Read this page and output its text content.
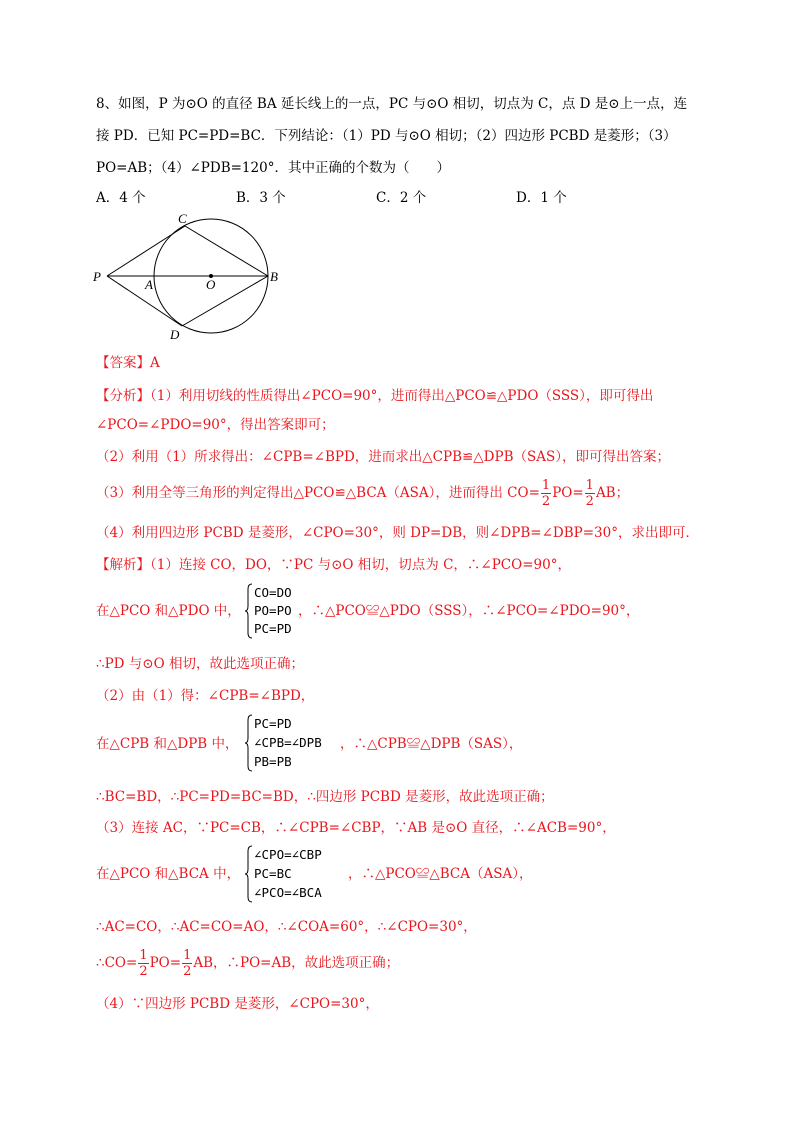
8、如图，P 为⊙O 的直径 BA 延长线上的一点，PC 与⊙O 相切，切点为 C，点 D 是⊙上一点，连
接 PD．已知 PC=PD=BC．下列结论：（1）PD 与⊙O 相切；（2）四边形 PCBD 是菱形；（3）
PO=AB；（4）∠PDB=120°．其中正确的个数为（　　）
A．4 个	B．3 个	C．2 个	D．1 个
C
P
A	O
B
D
【答案】A
【分析】（1）利用切线的性质得出∠PCO=90°，进而得出△PCO≌△PDO（SSS），即可得出
∠PCO=∠PDO=90°，得出答案即可；
（2）利用（1）所求得出：∠CPB=∠BPD，进而求出△CPB≌△DPB（SAS），即可得出答案；
（3）利用全等三角形的判定得出△PCO≌△BCA（ASA），进而得出 $CO= \frac{1}{2} PO= \frac{1}{2}$ AB；
（4）利用四边形 PCBD 是菱形，∠CPO=30°，则 DP=DB，则∠DPB=∠DBP=30°，求出即可．
【解析】（1）连接 CO，DO，∵PC 与⊙O 相切，切点为 C，∴∠PCO=90°，
在△PCO 和△PDO 中，
CO=DO
PO=PO
PC=PD
，∴△PCO≌△PDO（SSS），∴∠PCO=∠PDO=90°，
∴PD 与⊙O 相切，故此选项正确；
（2）由（1）得：∠CPB=∠BPD，
在△CPB 和△DPB 中，
PC=PD
∠CPB=∠DPB
PB=PB
，∴△CPB≌△DPB（SAS），
∴BC=BD，∴PC=PD=BC=BD，∴四边形 PCBD 是菱形，故此选项正确；
（3）连接 AC，∵PC=CB，∴∠CPB=∠CBP，∵AB 是⊙O 直径，∴∠ACB=90°，
在△PCO 和△BCA 中，
∠CPO=∠CBP
PC=BC
∠PCO=∠BCA
，∴△PCO≌△BCA（ASA），
∴AC=CO，∴AC=CO=AO，∴∠COA=60°，∴∠CPO=30°，
∴CO= $\frac{1}{2} PO= \frac{1}{2}$ AB，∴PO=AB，故此选项正确；
（4）∵四边形 PCBD 是菱形，∠CPO=30°，
